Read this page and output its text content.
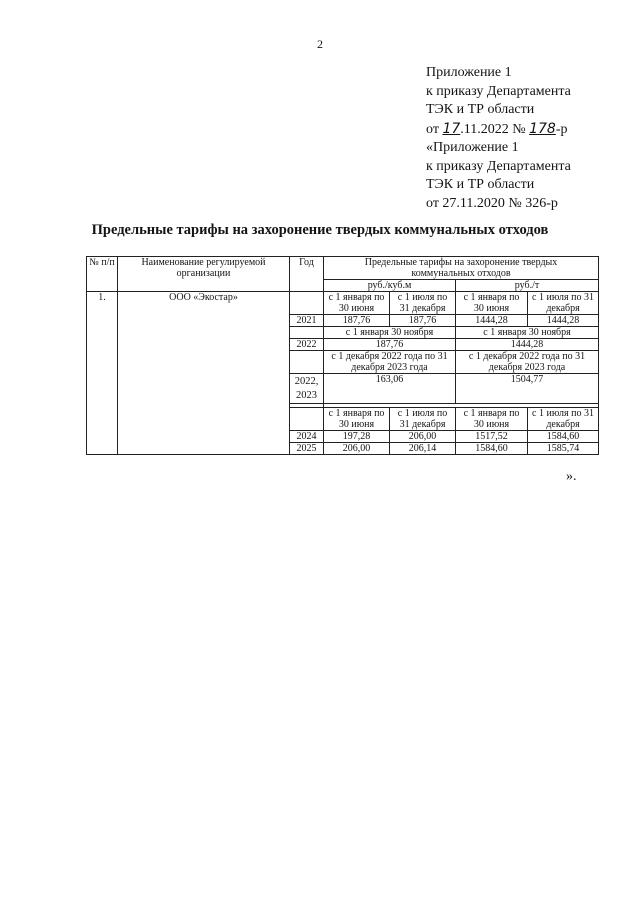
2
Приложение 1
к приказу Департамента
ТЭК и ТР области
от 17.11.2022 № 178-р
«Приложение 1
к приказу Департамента
ТЭК и ТР области
от 27.11.2020 № 326-р
Предельные тарифы на захоронение твердых коммунальных отходов
№ п/п	Наименование регулируемой организации	Год	Предельные тарифы на захоронение твердых коммунальных отходов			
			руб./куб.м		руб./т	
1.	ООО «Экостар»		с 1 января по 30 июня	с 1 июля по 31 декабря	с 1 января по 30 июня	с 1 июля по 31 декабря
		2021	187,76	187,76	1444,28	1444,28
			с 1 января 30 ноября		с 1 января 30 ноября	
		2022	187,76		1444,28	
			с 1 декабря 2022 года по 31 декабря 2023 года		с 1 декабря 2022 года по 31 декабря 2023 года	
		2022, 2023	163,06		1504,77	

			с 1 января по 30 июня	с 1 июля по 31 декабря	с 1 января по 30 июня	с 1 июля по 31 декабря
		2024	197,28	206,00	1517,52	1584,60
		2025	206,00	206,14	1584,60	1585,74
».
